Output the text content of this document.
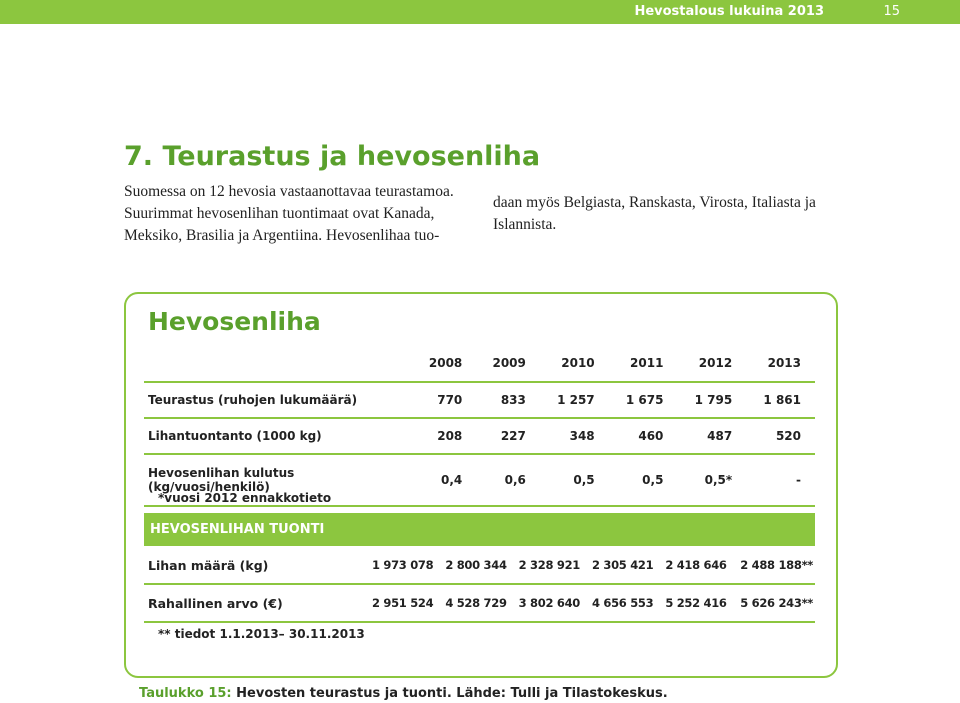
Hevostalous lukuina 2013	15
7. Teurastus ja hevosenliha

Suomessa on 12 hevosia vastaanottavaa teurastamoa. Suurimmat hevosenlihan tuontimaat ovat Kanada, Meksiko, Brasilia ja Argentiina. Hevosenlihaa tuo-

daan myös Belgiasta, Ranskasta, Virosta, Italiasta ja Islannista.

Hevosenliha
	2008	2009	2010	2011	2012	2013
Teurastus (ruhojen lukumäärä)	770	833	1 257	1 675	1 795	1 861
Lihantuontanto (1000 kg)	208	227	348	460	487	520

Hevosenlihan kulutus
(kg/vuosi/henkilö)	0,4	0,6	0,5	0,5	0,5*	-
*vuosi 2012 ennakkotieto
HEVOSENLIHAN TUONTI
Lihan määrä (kg)	1 973 078	2 800 344	2 328 921	2 305 421	2 418 646	2 488 188**
Rahallinen arvo (€)	2 951 524	4 528 729	3 802 640	4 656 553	5 252 416	5 626 243**
** tiedot 1.1.2013– 30.11.2013
Taulukko 15: Hevosten teurastus ja tuonti. Lähde: Tulli ja Tilastokeskus.
